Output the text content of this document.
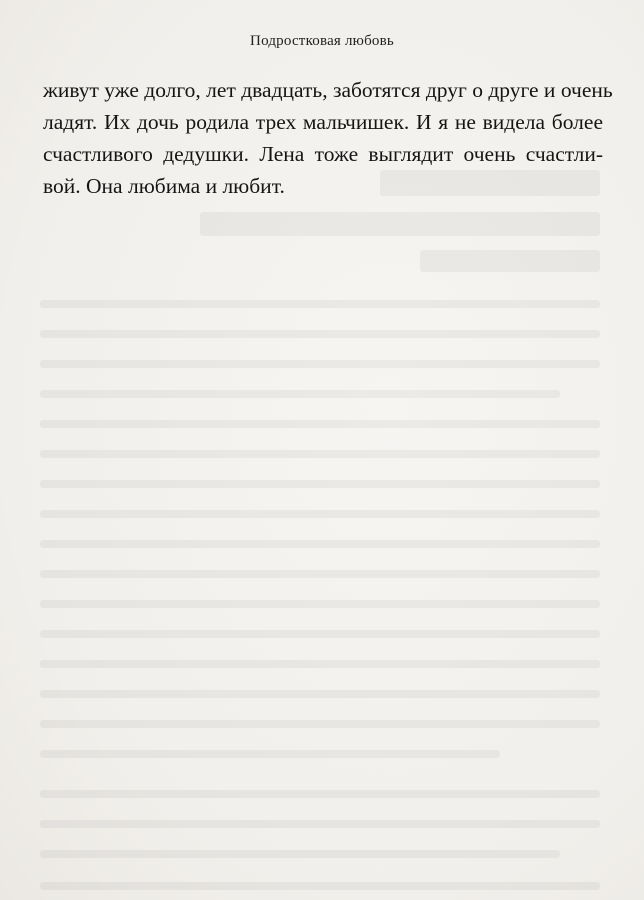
Подростковая любовь
живут уже долго, лет двадцать, заботятся друг о друге и очень
ладят. Их дочь родила трех мальчишек. И я не видела более
счастливого дедушки. Лена тоже выглядит очень счастли-
вой. Она любима и любит.
